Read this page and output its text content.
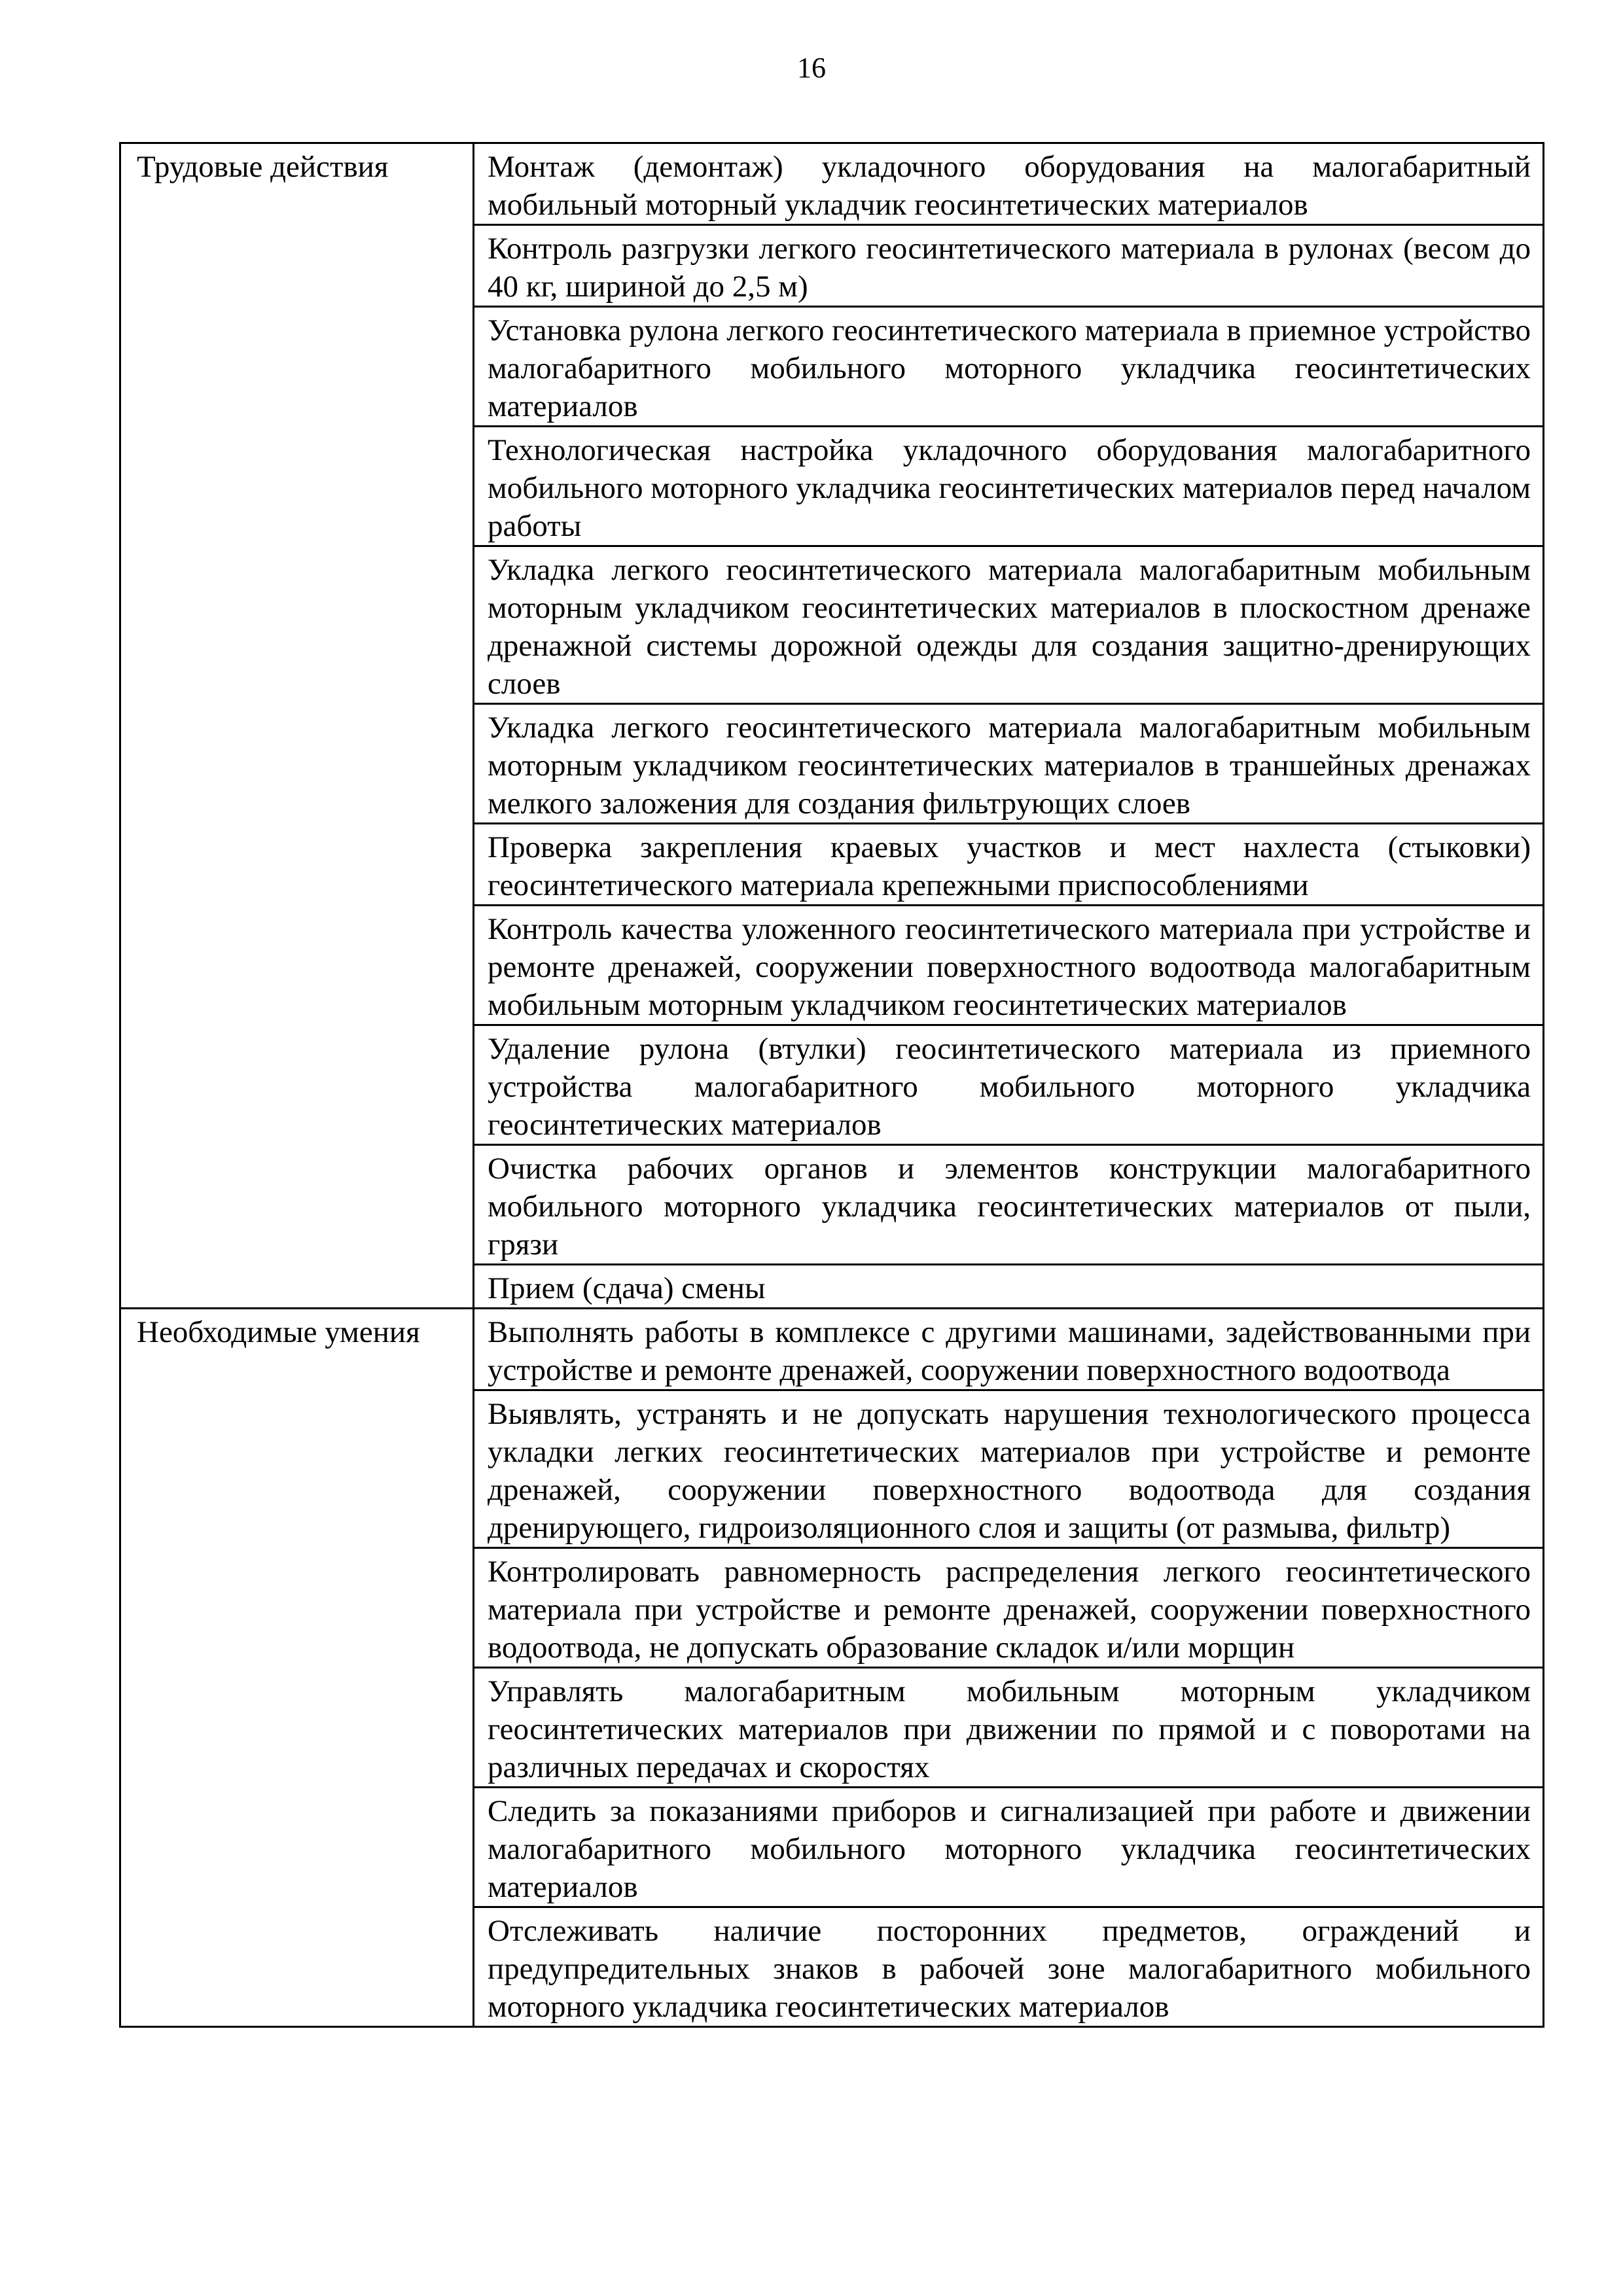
16
Трудовые действия	Монтаж (демонтаж) укладочного оборудования на малогабаритный мобильный моторный укладчик геосинтетических материалов
	Контроль разгрузки легкого геосинтетического материала в рулонах (весом до 40 кг, шириной до 2,5 м)
	Установка рулона легкого геосинтетического материала в приемное устройство малогабаритного мобильного моторного укладчика геосинтетических материалов
	Технологическая настройка укладочного оборудования малогабаритного мобильного моторного укладчика геосинтетических материалов перед началом работы
	Укладка легкого геосинтетического материала малогабаритным мобильным моторным укладчиком геосинтетических материалов в плоскостном дренаже дренажной системы дорожной одежды для создания защитно-дренирующих слоев
	Укладка легкого геосинтетического материала малогабаритным мобильным моторным укладчиком геосинтетических материалов в траншейных дренажах мелкого заложения для создания фильтрующих слоев
	Проверка закрепления краевых участков и мест нахлеста (стыковки) геосинтетического материала крепежными приспособлениями
	Контроль качества уложенного геосинтетического материала при устройстве и ремонте дренажей, сооружении поверхностного водоотвода малогабаритным мобильным моторным укладчиком геосинтетических материалов
	Удаление рулона (втулки) геосинтетического материала из приемного устройства малогабаритного мобильного моторного укладчика геосинтетических материалов
	Очистка рабочих органов и элементов конструкции малогабаритного мобильного моторного укладчика геосинтетических материалов от пыли, грязи
	Прием (сдача) смены
Необходимые умения	Выполнять работы в комплексе с другими машинами, задействованными при устройстве и ремонте дренажей, сооружении поверхностного водоотвода
	Выявлять, устранять и не допускать нарушения технологического процесса укладки легких геосинтетических материалов при устройстве и ремонте дренажей, сооружении поверхностного водоотвода для создания дренирующего, гидроизоляционного слоя и защиты (от размыва, фильтр)
	Контролировать равномерность распределения легкого геосинтетического материала при устройстве и ремонте дренажей, сооружении поверхностного водоотвода, не допускать образование складок и/или морщин
	Управлять малогабаритным мобильным моторным укладчиком геосинтетических материалов при движении по прямой и с поворотами на различных передачах и скоростях
	Следить за показаниями приборов и сигнализацией при работе и движении малогабаритного мобильного моторного укладчика геосинтетических материалов
	Отслеживать наличие посторонних предметов, ограждений и предупредительных знаков в рабочей зоне малогабаритного мобильного моторного укладчика геосинтетических материалов
